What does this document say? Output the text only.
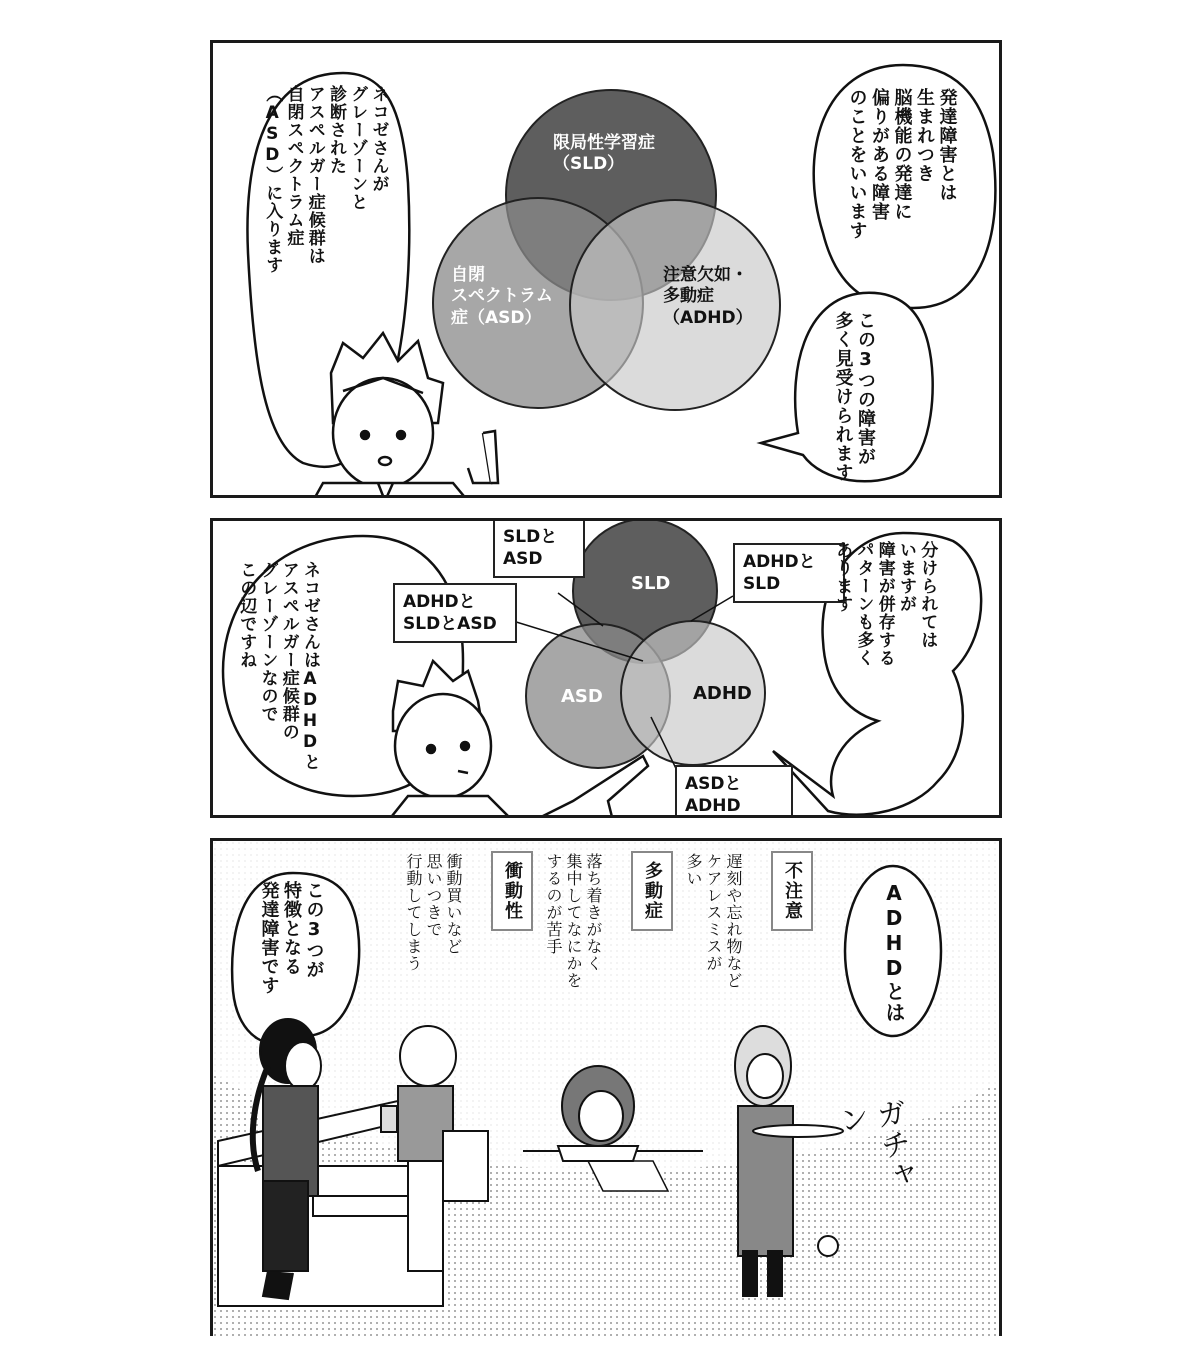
限局性学習症
（SLD）
自閉
スペクトラム
症（ASD）
注意欠如・
多動症
（ADHD）
発達障害とは
生まれつき
脳機能の発達に
偏りがある障害
のことをいいます
この3つの障害が
多く見受けられます
ネコゼさんが
グレーゾーンと
診断された
アスペルガー症候群は
自閉スペクトラム症
（ASD）に入ります
SLD
ASD	ADHD
SLDと
ASD	ADHDと
SLD
ADHDと
SLDとASD
ASDと
ADHD
ネコゼさんはADHDと
アスペルガー症候群の
グレーゾーンなので
この辺ですね	分けられては
いますが
障害が併存する
パターンも多く
あります
ADHDとは
この3つが
特徴となる
発達障害です	不注意
遅刻や忘れ物など
ケアレスミスが
多い
多動症
落ち着きがなく
集中してなにかを
するのが苦手
衝動性
衝動買いなど
思いつきで
行動してしまう
ガチャン
